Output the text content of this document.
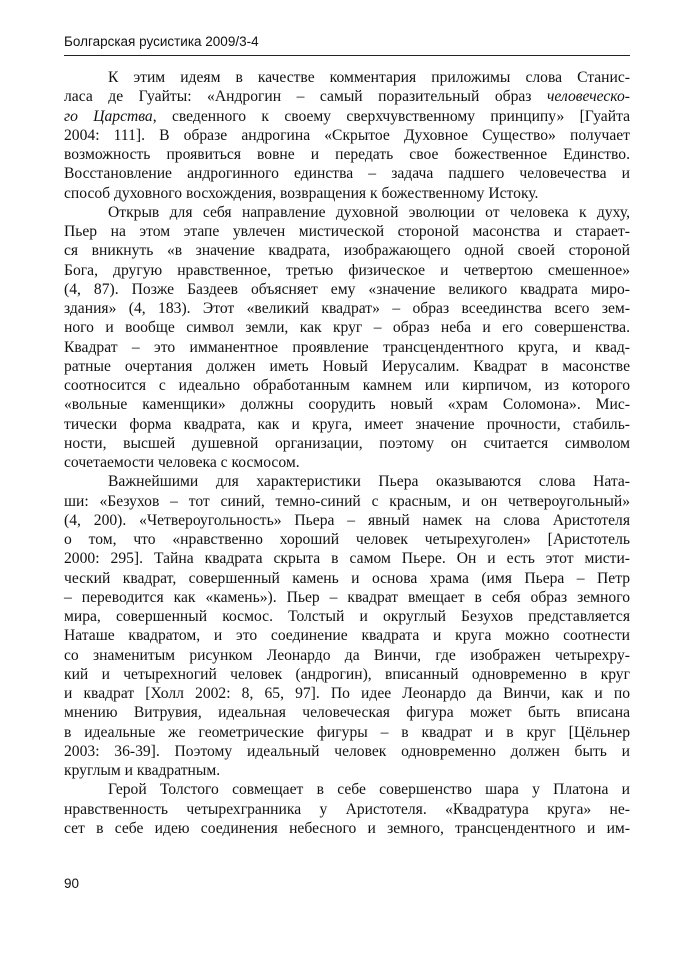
Болгарская русистика 2009/3-4
К этим идеям в качестве комментария приложимы слова Станис-
ласа де Гуайты: «Андрогин – самый поразительный образ человеческо-
го Царства, сведенного к своему сверхчувственному принципу» [Гуайта
2004: 111]. В образе андрогина «Скрытое Духовное Существо» получает
возможность проявиться вовне и передать свое божественное Единство.
Восстановление андрогинного единства – задача падшего человечества и
способ духовного восхождения, возвращения к божественному Истоку.
Открыв для себя направление духовной эволюции от человека к духу,
Пьер на этом этапе увлечен мистической стороной масонства и старает-
ся вникнуть «в значение квадрата, изображающего одной своей стороной
Бога, другую нравственное, третью физическое и четвертою смешенное»
(4, 87). Позже Баздеев объясняет ему «значение великого квадрата миро-
здания» (4, 183). Этот «великий квадрат» – образ всеединства всего зем-
ного и вообще символ земли, как круг – образ неба и его совершенства.
Квадрат – это имманентное проявление трансцендентного круга, и квад-
ратные очертания должен иметь Новый Иерусалим. Квадрат в масонстве
соотносится с идеально обработанным камнем или кирпичом, из которого
«вольные каменщики» должны соорудить новый «храм Соломона». Мис-
тически форма квадрата, как и круга, имеет значение прочности, стабиль-
ности, высшей душевной организации, поэтому он считается символом
сочетаемости человека с космосом.
Важнейшими для характеристики Пьера оказываются слова Ната-
ши: «Безухов – тот синий, темно-синий с красным, и он четвероугольный»
(4, 200). «Четвероугольность» Пьера – явный намек на слова Аристотеля
о том, что «нравственно хороший человек четырехуголен» [Аристотель
2000: 295]. Тайна квадрата скрыта в самом Пьере. Он и есть этот мисти-
ческий квадрат, совершенный камень и основа храма (имя Пьера – Петр
– переводится как «камень»). Пьер – квадрат вмещает в себя образ земного
мира, совершенный космос. Толстый и округлый Безухов представляется
Наташе квадратом, и это соединение квадрата и круга можно соотнести
со знаменитым рисунком Леонардо да Винчи, где изображен четырехру-
кий и четырехногий человек (андрогин), вписанный одновременно в круг
и квадрат [Холл 2002: 8, 65, 97]. По идее Леонардо да Винчи, как и по
мнению Витрувия, идеальная человеческая фигура может быть вписана
в идеальные же геометрические фигуры – в квадрат и в круг [Цёльнер
2003: 36-39]. Поэтому идеальный человек одновременно должен быть и
круглым и квадратным.
Герой Толстого совмещает в себе совершенство шара у Платона и
нравственность четырехгранника у Аристотеля. «Квадратура круга» не-
сет в себе идею соединения небесного и земного, трансцендентного и им-
90
